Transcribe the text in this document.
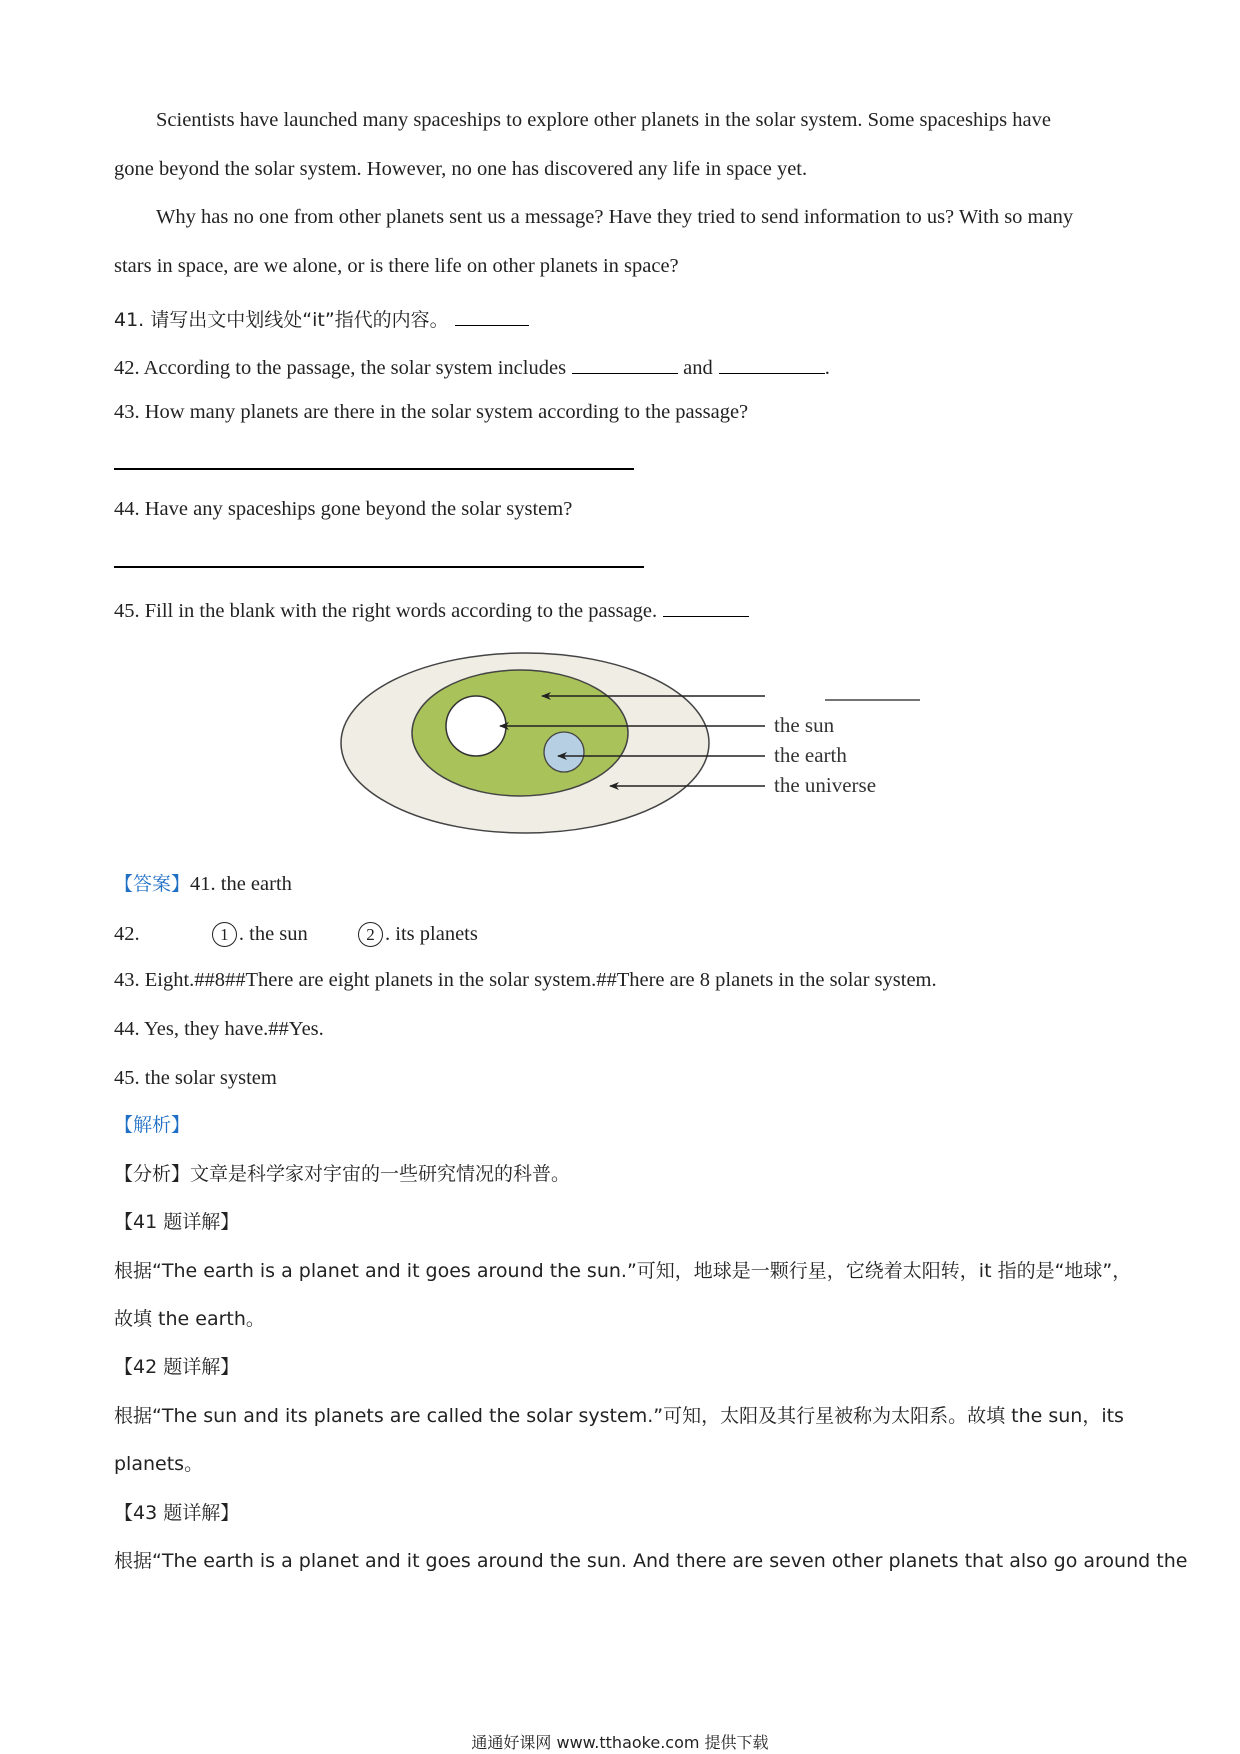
Scientists have launched many spaceships to explore other planets in the solar system. Some spaceships have
gone beyond the solar system. However, no one has discovered any life in space yet.
Why has no one from other planets sent us a message? Have they tried to send information to us? With so many
stars in space, are we alone, or is there life on other planets in space?
41. 请写出文中划线处“it”指代的内容。
42. According to the passage, the solar system includes	and	.
43. How many planets are there in the solar system according to the passage?
44. Have any spaceships gone beyond the solar system?
45. Fill in the blank with the right words according to the passage.
the sun
the earth
the universe
【答案】41. the earth
42.	1 . the sun	2 . its planets
43. Eight.##8##There are eight planets in the solar system.##There are 8 planets in the solar system.
44. Yes, they have.##Yes.
45. the solar system
【解析】
【分析】文章是科学家对宇宙的一些研究情况的科普。
【41 题详解】
根据“The earth is a planet and it goes around the sun.”可知，地球是一颗行星，它绕着太阳转，it 指的是“地球”，
故填 the earth。
【42 题详解】
根据“The sun and its planets are called the solar system.”可知，太阳及其行星被称为太阳系。故填 the sun，its
planets。
【43 题详解】
根据“The earth is a planet and it goes around the sun. And there are seven other planets that also go around the
通通好课网 www.tthaoke.com 提供下载
